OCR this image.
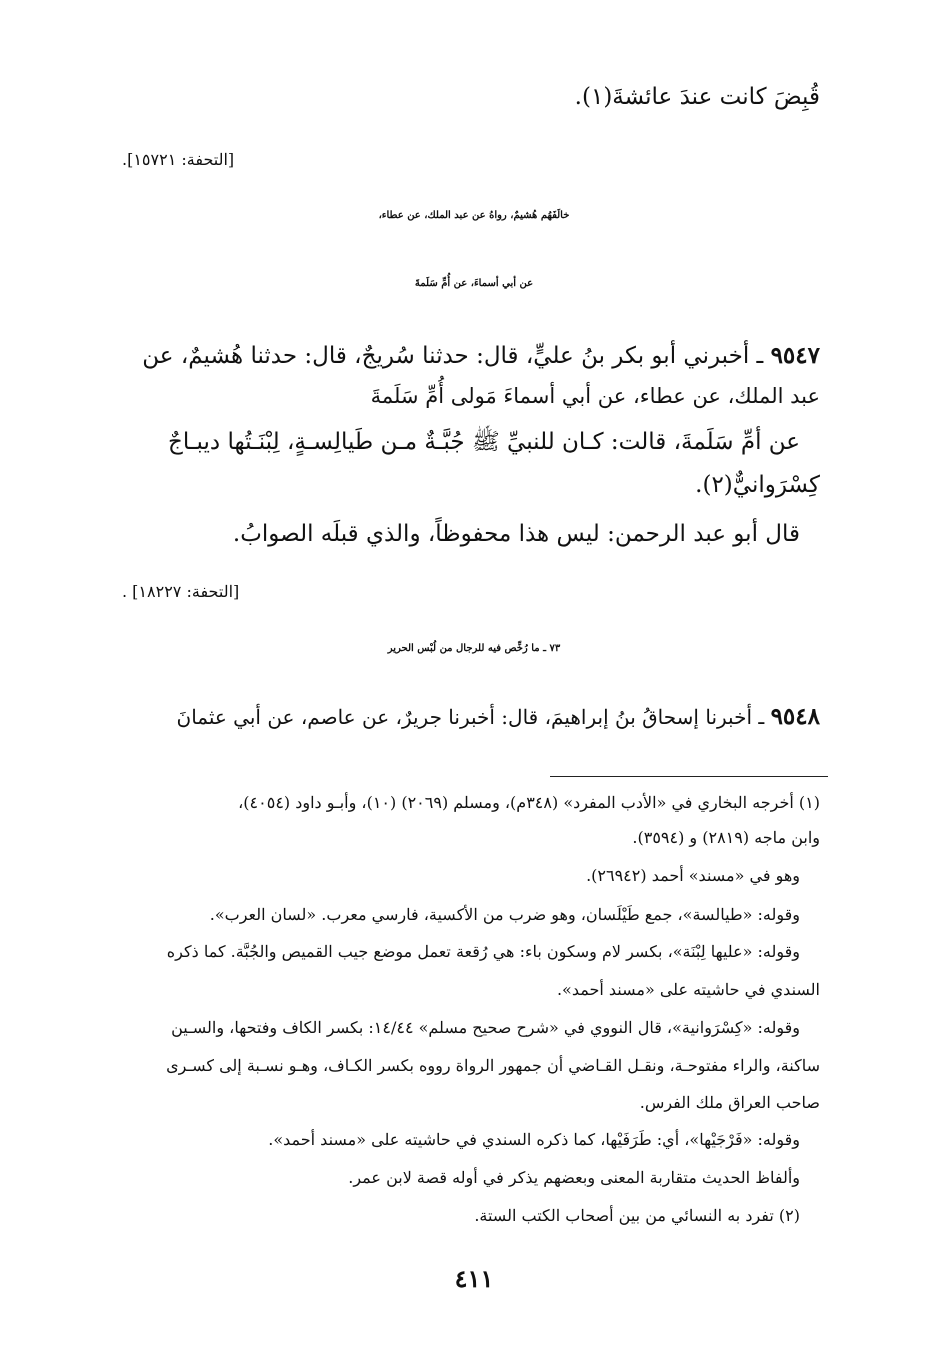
قُبِضَ كانت عندَ عائشةَ(١).
[التحفة: ١٥٧٢١].
خالَفَهُم هُشيمٌ، رواهُ عن عبد الملك، عن عطاء،
عن أبي أسماءَ، عن أُمِّ سَلَمةَ
٩٥٤٧ ـ أخبرني أبو بكر بنُ عليٍّ، قال: حدثنا سُريجٌ، قال: حدثنا هُشيمٌ، عن
عبد الملك، عن عطاء، عن أبي أسماءَ مَولى أُمِّ سَلَمةَ
عن أمِّ سَلَمةَ، قالت: كـان للنبيِّ ﷺ جُبَّـةٌ مـن طَيالِسـةٍ، لِبْنَـتُها ديبـاجٌ
كِسْرَوانيٌّ(٢).
قال أبو عبد الرحمن: ليس هذا محفوظاً، والذي قبلَه الصوابُ.
[التحفة: ١٨٢٢٧] .
٧٣ ـ ما رُخِّص فيه للرجال من لُبْس الحرير
٩٥٤٨ ـ أخبرنا إسحاقُ بنُ إبراهيمَ، قال: أخبرنا جريرٌ، عن عاصم، عن أبي عثمانَ
(١) أخرجه البخاري في «الأدب المفرد» (٣٤٨م)، ومسلم (٢٠٦٩) (١٠)، وأبـو داود (٤٠٥٤)،
وابن ماجه (٢٨١٩) و (٣٥٩٤).
وهو في «مسند» أحمد (٢٦٩٤٢).
وقوله: «طيالسة»، جمع طَيْلَسان، وهو ضرب من الأكسية، فارسي معرب. «لسان العرب».
وقوله: «عليها لِبْنَة»، بكسر لام وسكون باء: هي رُقعة تعمل موضع جيب القميص والجُبَّة. كما ذكره
السندي في حاشيته على «مسند أحمد».
وقوله: «كِسْرَوانية»، قال النووي في «شرح صحيح مسلم» ١٤/٤٤: بكسر الكاف وفتحها، والسـين
ساكنة، والراء مفتوحـة، ونقـل القـاضي أن جمهور الرواة رووه بكسر الكـاف، وهـو نسـبة إلى كسـرى
صاحب العراق ملك الفرس.
وقوله: «فَرْجَيْها»، أي: طَرَفَيْها، كما ذكره السندي في حاشيته على «مسند أحمد».
وألفاظ الحديث متقاربة المعنى وبعضهم يذكر في أوله قصة لابن عمر.
(٢) تفرد به النسائي من بين أصحاب الكتب الستة.
٤١١
